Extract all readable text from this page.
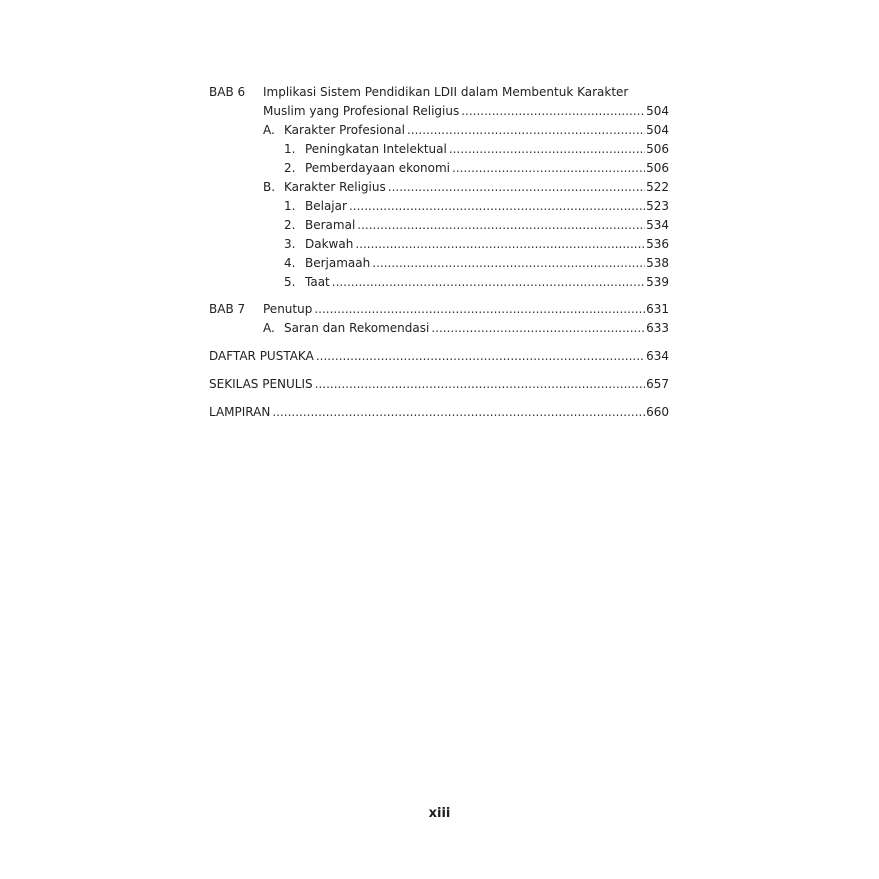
BAB 6 Implikasi Sistem Pendidikan LDII dalam Membentuk Karakter
Muslim yang Profesional Religius .....	504
A. Karakter Profesional .....	504
1. Peningkatan Intelektual .....	506
2. Pemberdayaan ekonomi .....	506
B. Karakter Religius .....	522
1. Belajar .....	523
2. Beramal .....	534
3. Dakwah .....	536
4. Berjamaah .....	538
5. Taat .....	539
BAB 7 Penutup .....	631
A. Saran dan Rekomendasi .....	633
DAFTAR PUSTAKA .....	634
SEKILAS PENULIS .....	657
LAMPIRAN .....	660
xiii
